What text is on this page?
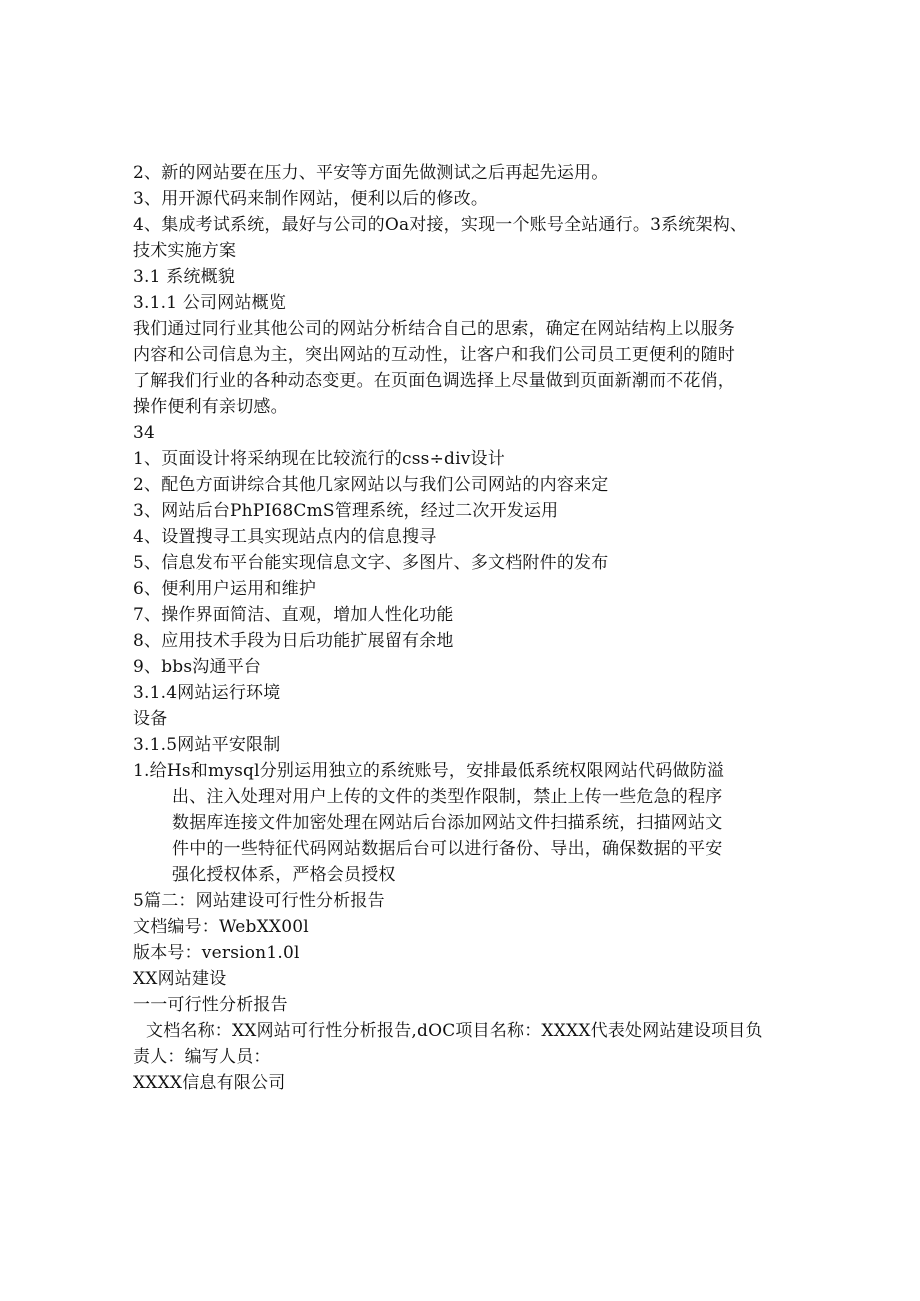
2、新的网站要在压力、平安等方面先做测试之后再起先运用。
3、用开源代码来制作网站，便利以后的修改。
4、集成考试系统，最好与公司的Oa对接，实现一个账号全站通行。3系统架构、
技术实施方案
3.1 系统概貌
3.1.1 公司网站概览
我们通过同行业其他公司的网站分析结合自己的思索，确定在网站结构上以服务
内容和公司信息为主，突出网站的互动性，让客户和我们公司员工更便利的随时
了解我们行业的各种动态变更。在页面色调选择上尽量做到页面新潮而不花俏，
操作便利有亲切感。
34
1、页面设计将采纳现在比较流行的css÷div设计
2、配色方面讲综合其他几家网站以与我们公司网站的内容来定
3、网站后台PhPI68CmS管理系统，经过二次开发运用
4、设置搜寻工具实现站点内的信息搜寻
5、信息发布平台能实现信息文字、多图片、多文档附件的发布
6、便利用户运用和维护
7、操作界面简洁、直观，增加人性化功能
8、应用技术手段为日后功能扩展留有余地
9、bbs沟通平台
3.1.4网站运行环境
设备
3.1.5网站平安限制
1.给Hs和mysql分别运用独立的系统账号，安排最低系统权限网站代码做防溢
出、注入处理对用户上传的文件的类型作限制，禁止上传一些危急的程序
数据库连接文件加密处理在网站后台添加网站文件扫描系统，扫描网站文
件中的一些特征代码网站数据后台可以进行备份、导出，确保数据的平安
强化授权体系，严格会员授权
5篇二：网站建设可行性分析报告
文档编号：WebXX00l
版本号：version1.0l
XX网站建设
一一可行性分析报告
文档名称：XX网站可行性分析报告,dOC项目名称：XXXX代表处网站建设项目负
责人：编写人员：
XXXX信息有限公司
